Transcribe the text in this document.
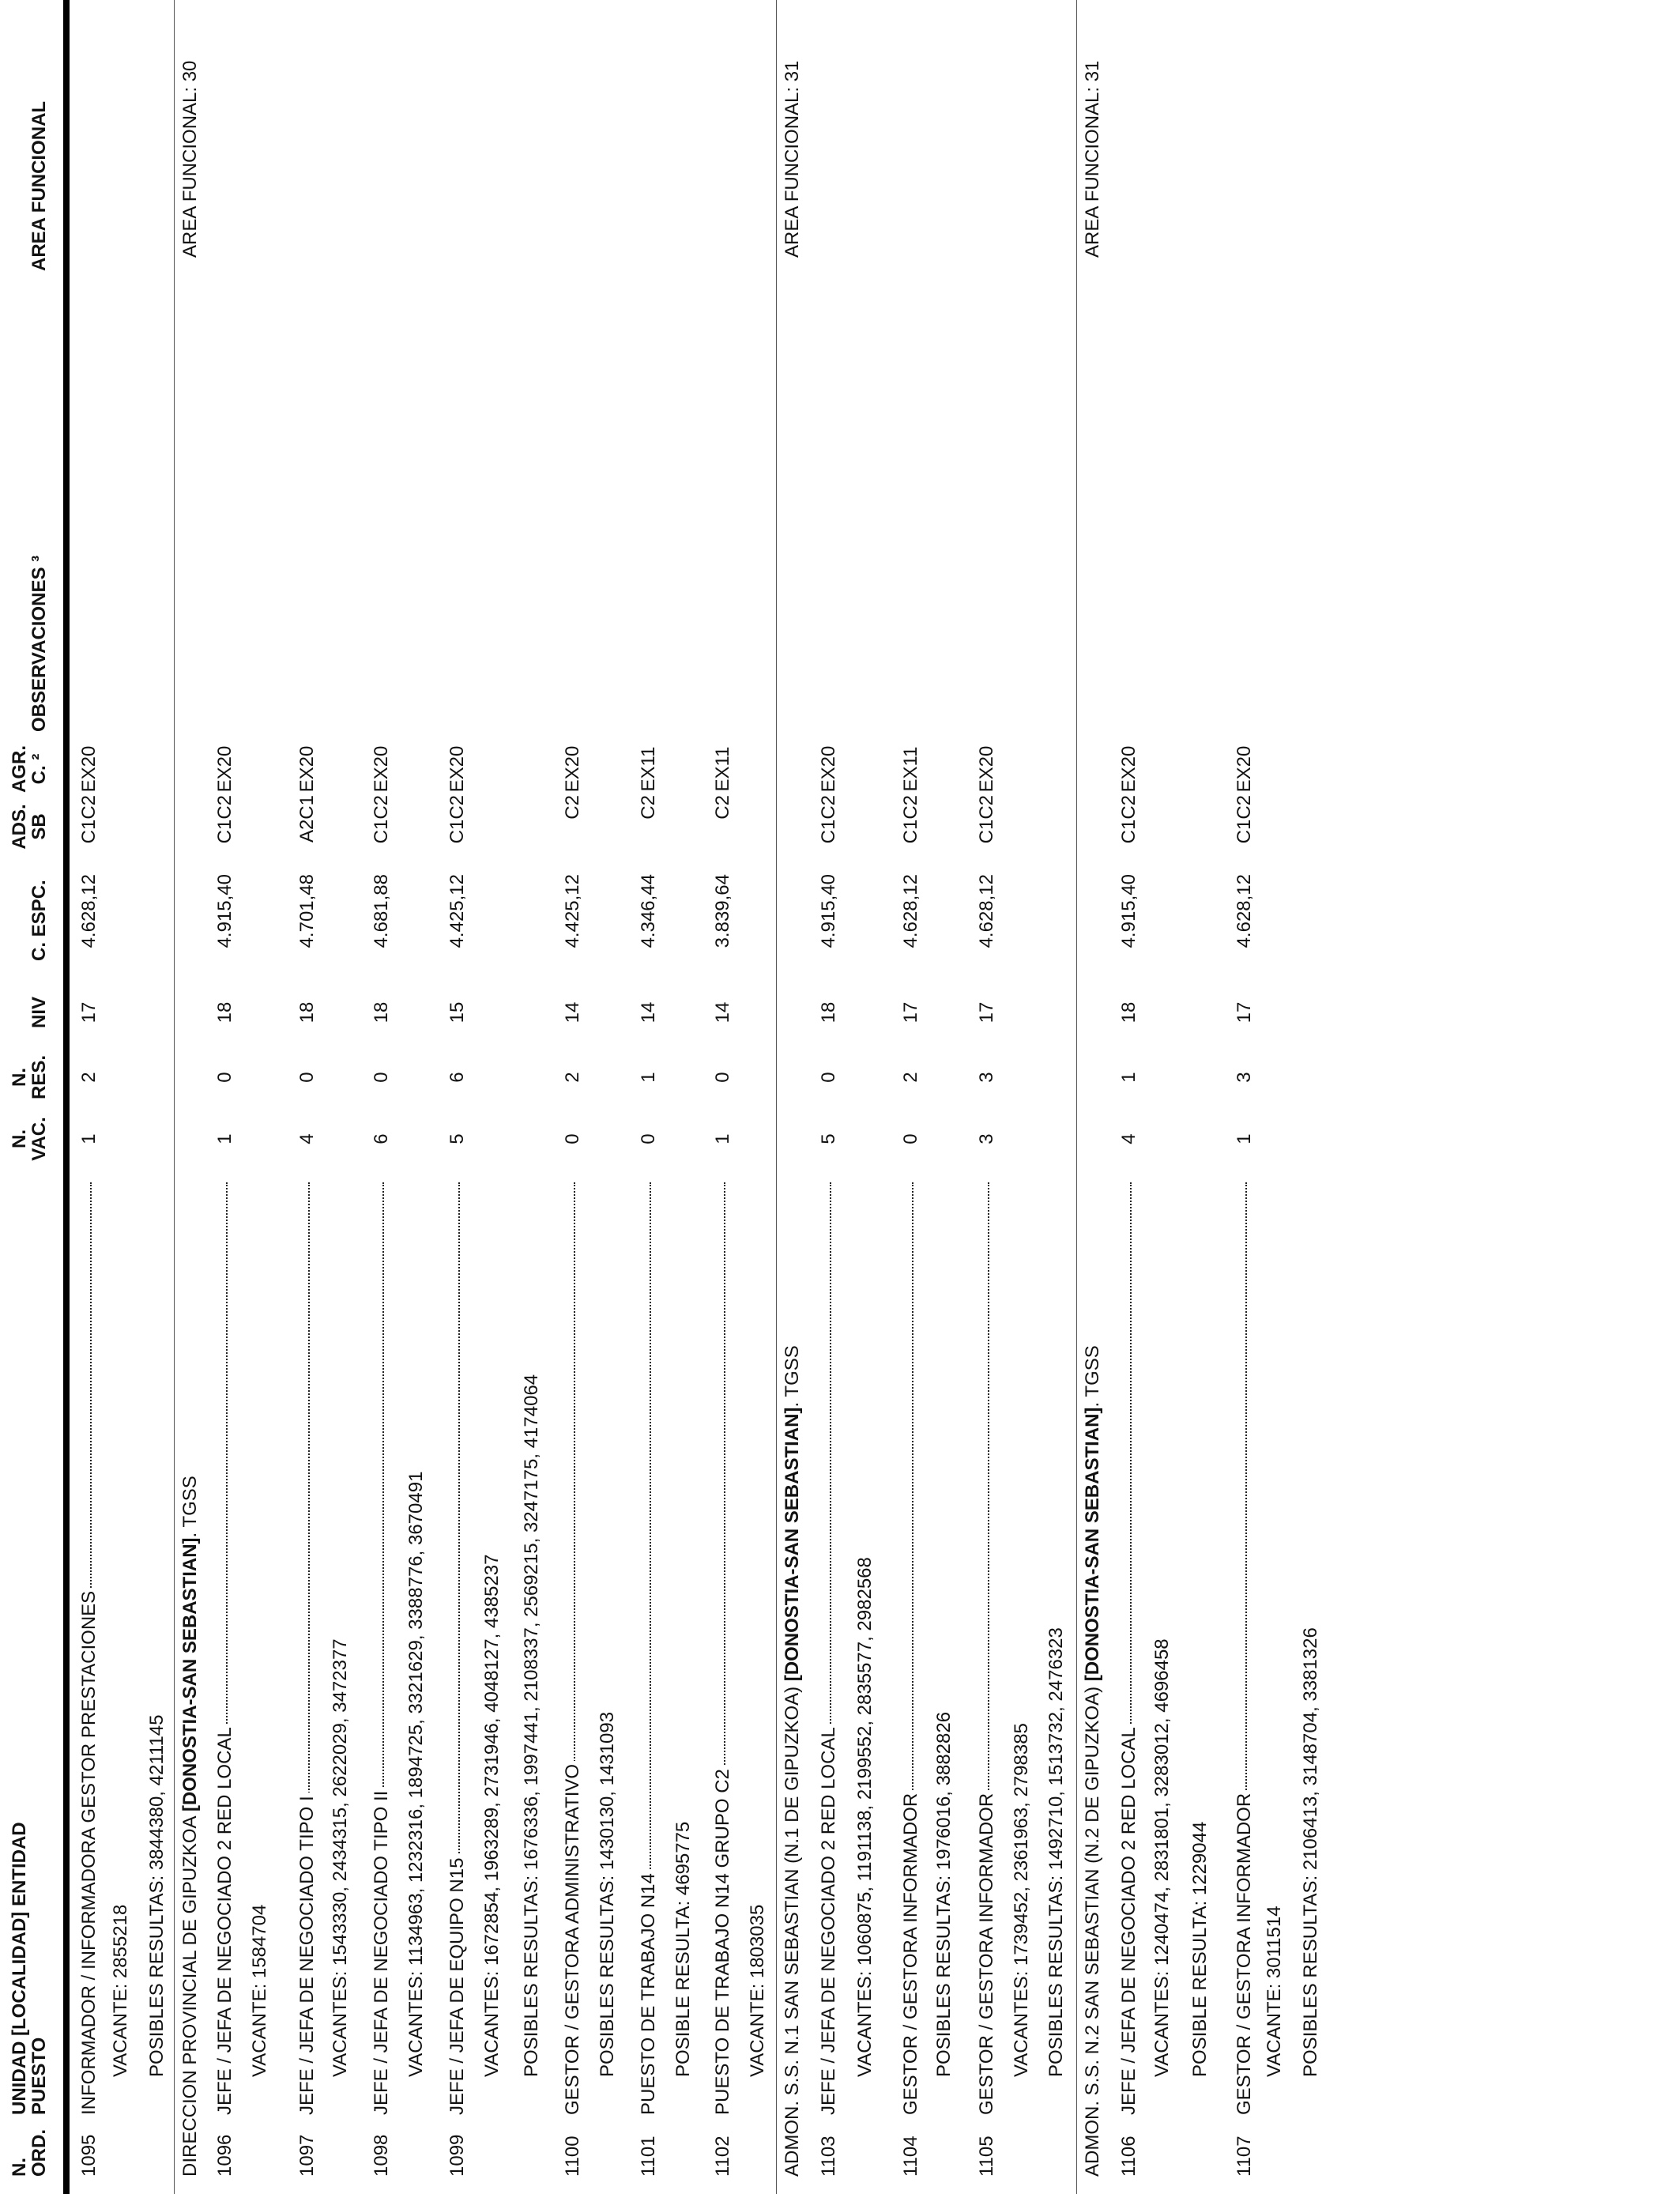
N.
ORD.
UNIDAD [LOCALIDAD] ENTIDAD
PUESTO
N.
VAC.
N.
RES.
NIV
C. ESPC.
ADS.
SB
AGR.
C. ²
OBSERVACIONES ³
AREA FUNCIONAL
1095
INFORMADOR / INFORMADORA GESTOR PRESTACIONES
1
2
17
4.628,12
C1C2
EX20
VACANTE: 2855218 POSIBLES RESULTAS: 3844380, 4211145 DIRECCION PROVINCIAL DE GIPUZKOA [DONOSTIA-SAN SEBASTIAN]. TGSS
AREA FUNCIONAL: 30
1096
JEFE / JEFA DE NEGOCIADO 2 RED LOCAL
1
0
18
4.915,40
C1C2
EX20
VACANTE: 1584704
1097
JEFE / JEFA DE NEGOCIADO TIPO I
4
0
18
4.701,48
A2C1
EX20
VACANTES: 1543330, 2434315, 2622029, 3472377
1098
JEFE / JEFA DE NEGOCIADO TIPO II
6
0
18
4.681,88
C1C2
EX20
VACANTES: 1134963, 1232316, 1894725, 3321629, 3388776, 3670491
1099
JEFE / JEFA DE EQUIPO N15
5
6
15
4.425,12
C1C2
EX20
VACANTES: 1672854, 1963289, 2731946, 4048127, 4385237 POSIBLES RESULTAS: 1676336, 1997441, 2108337, 2569215, 3247175, 4174064
1100
GESTOR / GESTORA ADMINISTRATIVO
0
2
14
4.425,12
C2
EX20
POSIBLES RESULTAS: 1430130, 1431093
1101
PUESTO DE TRABAJO N14
0
1
14
4.346,44
C2
EX11
POSIBLE RESULTA: 4695775
1102
PUESTO DE TRABAJO N14 GRUPO C2
1
0
14
3.839,64
C2
EX11
VACANTE: 1803035 ADMON. S.S. N.1 SAN SEBASTIAN (N.1 DE GIPUZKOA) [DONOSTIA-SAN SEBASTIAN]. TGSS
AREA FUNCIONAL: 31
1103
JEFE / JEFA DE NEGOCIADO 2 RED LOCAL
5
0
18
4.915,40
C1C2
EX20
VACANTES: 1060875, 1191138, 2199552, 2835577, 2982568
1104
GESTOR / GESTORA INFORMADOR
0
2
17
4.628,12
C1C2
EX11
POSIBLES RESULTAS: 1976016, 3882826
1105
GESTOR / GESTORA INFORMADOR
3
3
17
4.628,12
C1C2
EX20
VACANTES: 1739452, 2361963, 2798385 POSIBLES RESULTAS: 1492710, 1513732, 2476323 ADMON. S.S. N.2 SAN SEBASTIAN (N.2 DE GIPUZKOA) [DONOSTIA-SAN SEBASTIAN]. TGSS
AREA FUNCIONAL: 31
1106
JEFE / JEFA DE NEGOCIADO 2 RED LOCAL
4
1
18
4.915,40
C1C2
EX20
VACANTES: 1240474, 2831801, 3283012, 4696458 POSIBLE RESULTA: 1229044
1107
GESTOR / GESTORA INFORMADOR
1
3
17
4.628,12
C1C2
EX20
VACANTE: 3011514 POSIBLES RESULTAS: 2106413, 3148704, 3381326
